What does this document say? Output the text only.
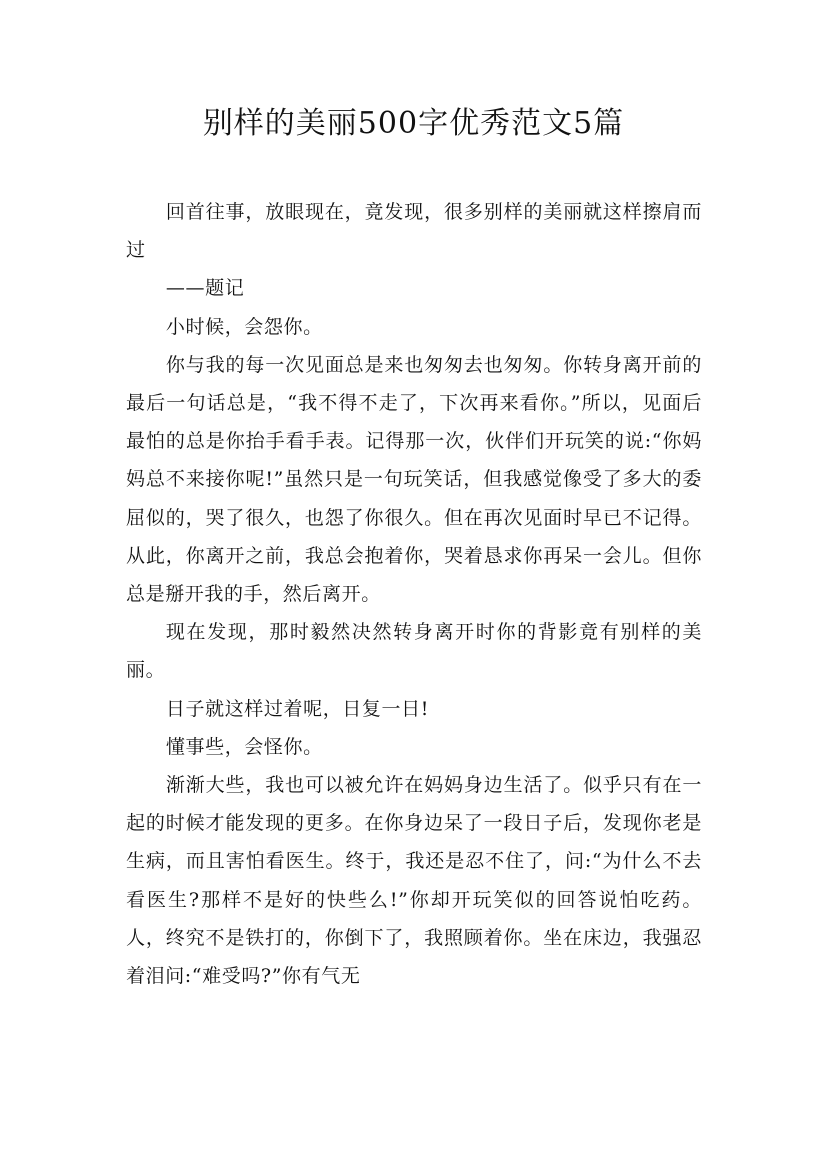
别样的美丽500字优秀范文5篇

回首往事，放眼现在，竟发现，很多别样的美丽就这样擦肩而过

——题记

小时候，会怨你。

你与我的每一次见面总是来也匆匆去也匆匆。你转身离开前的最后一句话总是，“我不得不走了，下次再来看你。”所以，见面后最怕的总是你抬手看手表。记得那一次，伙伴们开玩笑的说:“你妈妈总不来接你呢!”虽然只是一句玩笑话，但我感觉像受了多大的委屈似的，哭了很久，也怨了你很久。但在再次见面时早已不记得。从此，你离开之前，我总会抱着你，哭着恳求你再呆一会儿。但你总是掰开我的手，然后离开。

现在发现，那时毅然决然转身离开时你的背影竟有别样的美丽。

日子就这样过着呢，日复一日!

懂事些，会怪你。

渐渐大些，我也可以被允许在妈妈身边生活了。似乎只有在一起的时候才能发现的更多。在你身边呆了一段日子后，发现你老是生病，而且害怕看医生。终于，我还是忍不住了，问:“为什么不去看医生?那样不是好的快些么!”你却开玩笑似的回答说怕吃药。人，终究不是铁打的，你倒下了，我照顾着你。坐在床边，我强忍着泪问:“难受吗?”你有气无
